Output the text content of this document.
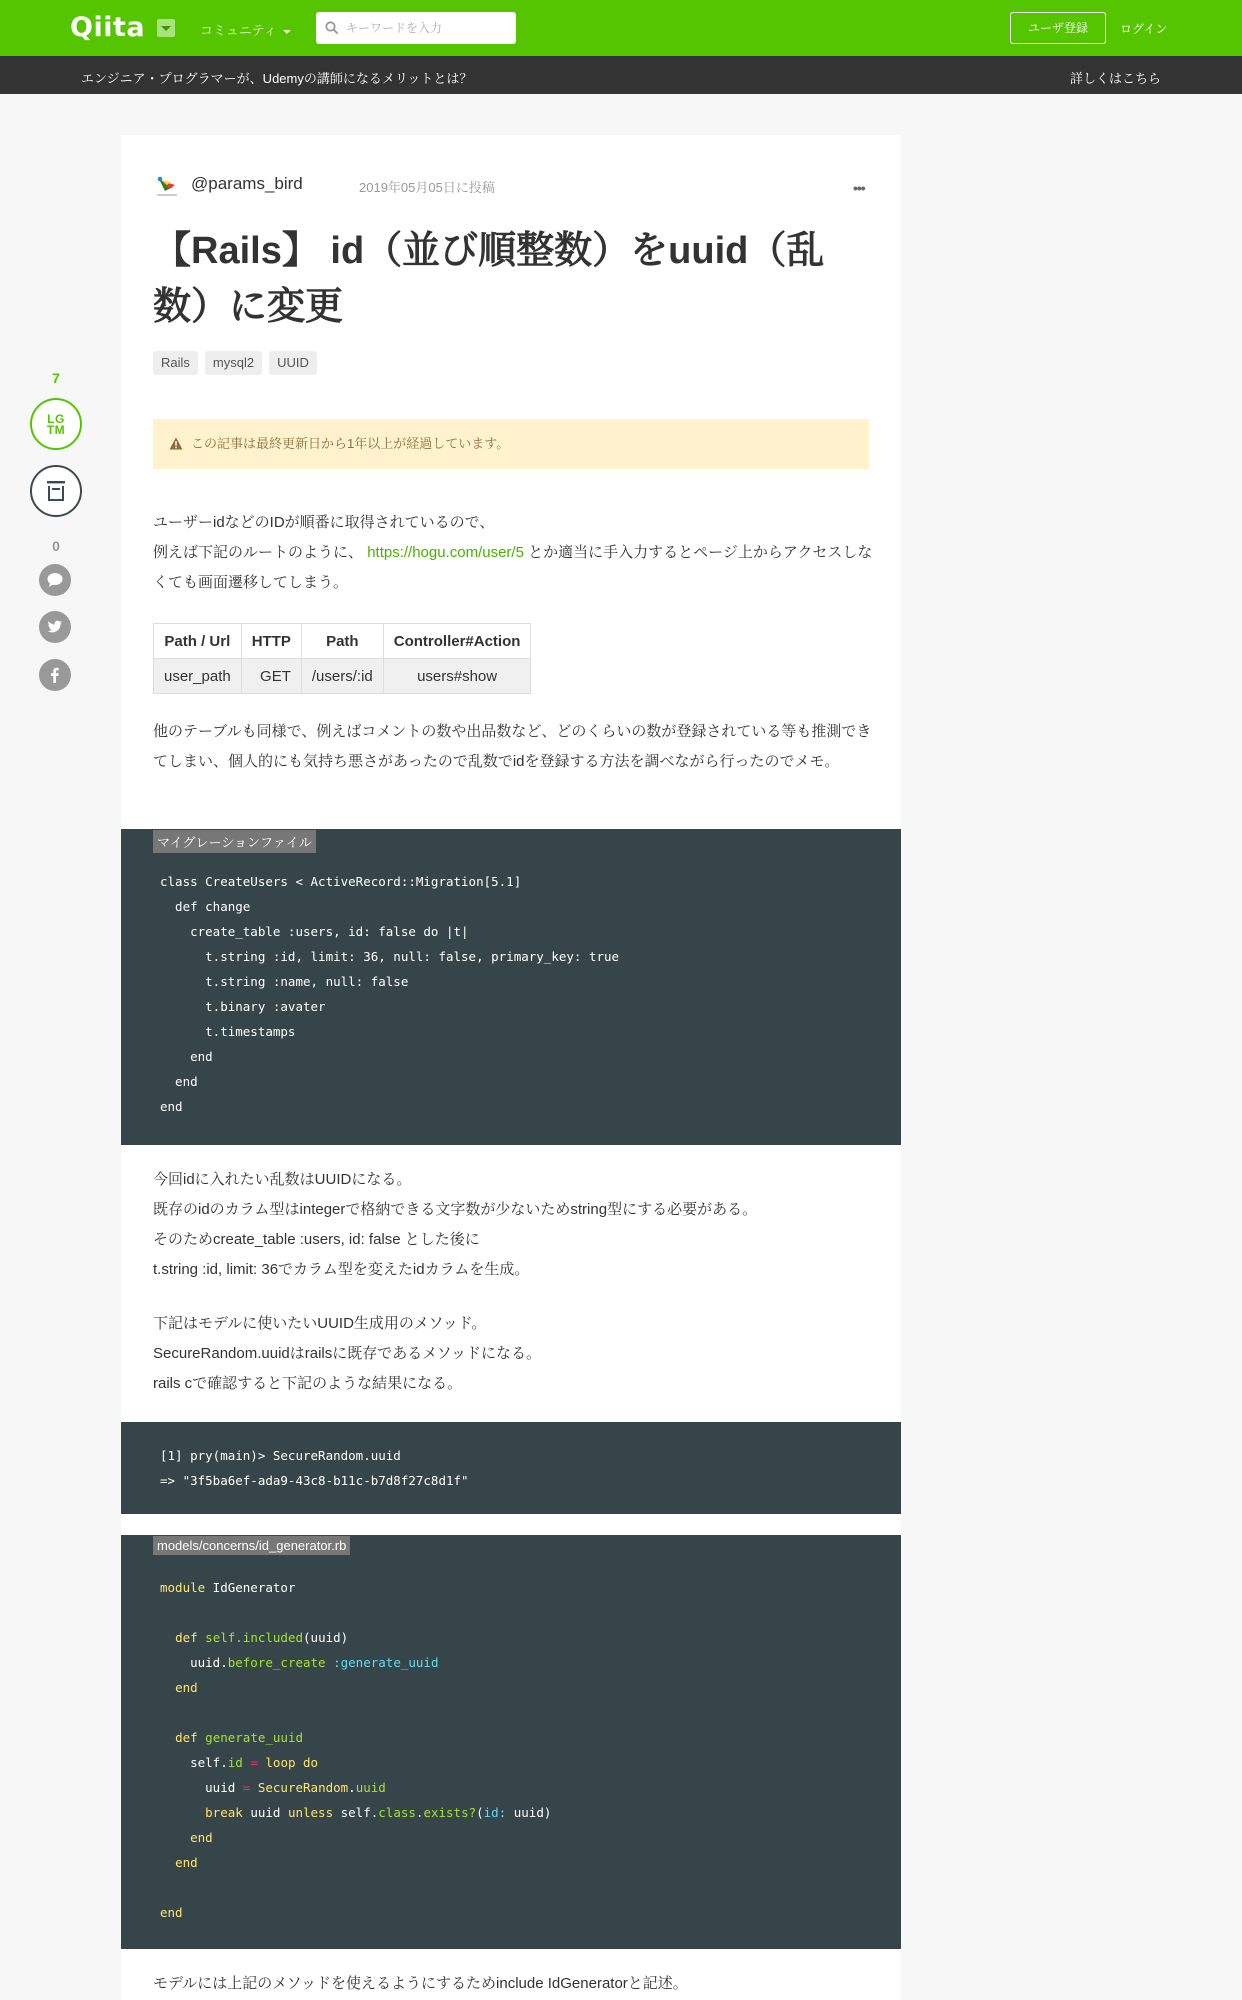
Qiita	コミュニティ
キーワードを入力	ユーザ登録	ログイン
エンジニア・プログラマーが、Udemyの講師になるメリットとは？	詳しくはこちら
7
LG
TM
0
@params_bird	2019年05月05日に投稿	•••
【Rails】 id（並び順整数）をuuid（乱数）に変更
Rails mysql2 UUID
この記事は最終更新日から1年以上が経過しています。
ユーザーidなどのIDが順番に取得されているので、
例えば下記のルートのように、 https://hogu.com/user/5 とか適当に手入力するとページ上からアクセスしなくても画面遷移してしまう。
Path / Url	HTTP	Path	Controller#Action
user_path	GET	/users/:id	users#show
他のテーブルも同様で、例えばコメントの数や出品数など、どのくらいの数が登録されている等も推測できてしまい、個人的にも気持ち悪さがあったので乱数でidを登録する方法を調べながら行ったのでメモ。
マイグレーションファイル
class CreateUsers < ActiveRecord::Migration[5.1]
def change
create_table :users, id: false do |t|
t.string :id, limit: 36, null: false, primary_key: true
t.string :name, null: false
t.binary :avater
t.timestamps
end
end
end
今回idに入れたい乱数はUUIDになる。
既存のidのカラム型はintegerで格納できる文字数が少ないためstring型にする必要がある。
そのためcreate_table :users, id: false とした後に
t.string :id, limit: 36でカラム型を変えたidカラムを生成。
下記はモデルに使いたいUUID生成用のメソッド。
SecureRandom.uuidはrailsに既存であるメソッドになる。
rails cで確認すると下記のような結果になる。
[1] pry(main)> SecureRandom.uuid
=> "3f5ba6ef-ada9-43c8-b11c-b7d8f27c8d1f"
models/concerns/id_generator.rb
module IdGenerator

def self.included(uuid)
uuid.before_create :generate_uuid
end

def generate_uuid
self.id = loop do
uuid = SecureRandom.uuid
break uuid unless self.class.exists?(id: uuid)
end
end

end
モデルには上記のメソッドを使えるようにするためinclude IdGeneratorと記述。
